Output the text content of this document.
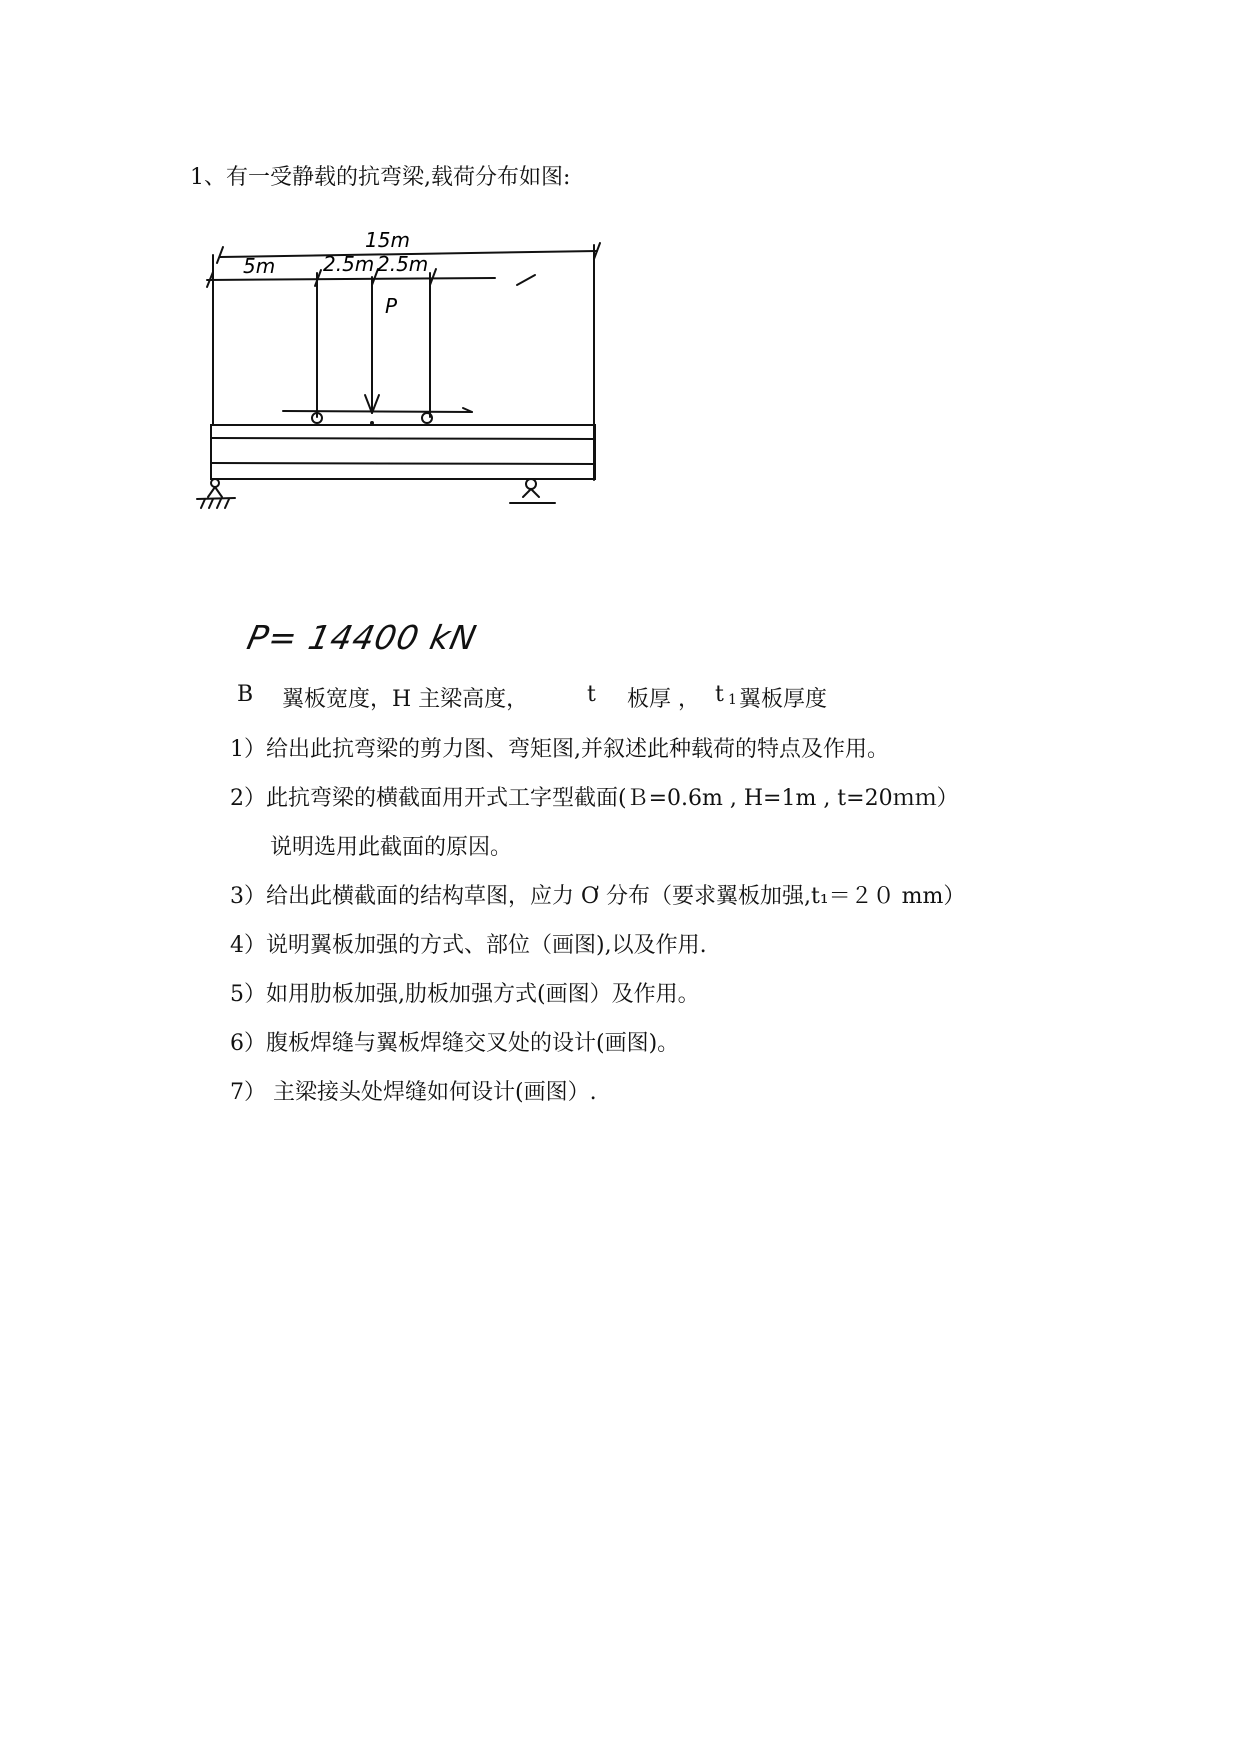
1、有一受静载的抗弯梁,载荷分布如图:
15m
5m 2.5m 2.5m
P
P= 14400 kN
B 翼板宽度，H 主梁高度，	t 板厚 ， t 1 翼板厚度
1）给出此抗弯梁的剪力图、弯矩图,并叙述此种载荷的特点及作用。
2）此抗弯梁的横截面用开式工字型截面(Ｂ=0.6m , H=1m , t=20ｍｍ）
说明选用此截面的原因。
3）给出此横截面的结构草图，应力 Ơ 分布（要求翼板加强,t₁＝２０ mm）
4）说明翼板加强的方式、部位（画图),以及作用.
5）如用肋板加强,肋板加强方式(画图）及作用。
6）腹板焊缝与翼板焊缝交叉处的设计(画图)。
7） 主梁接头处焊缝如何设计(画图）.
